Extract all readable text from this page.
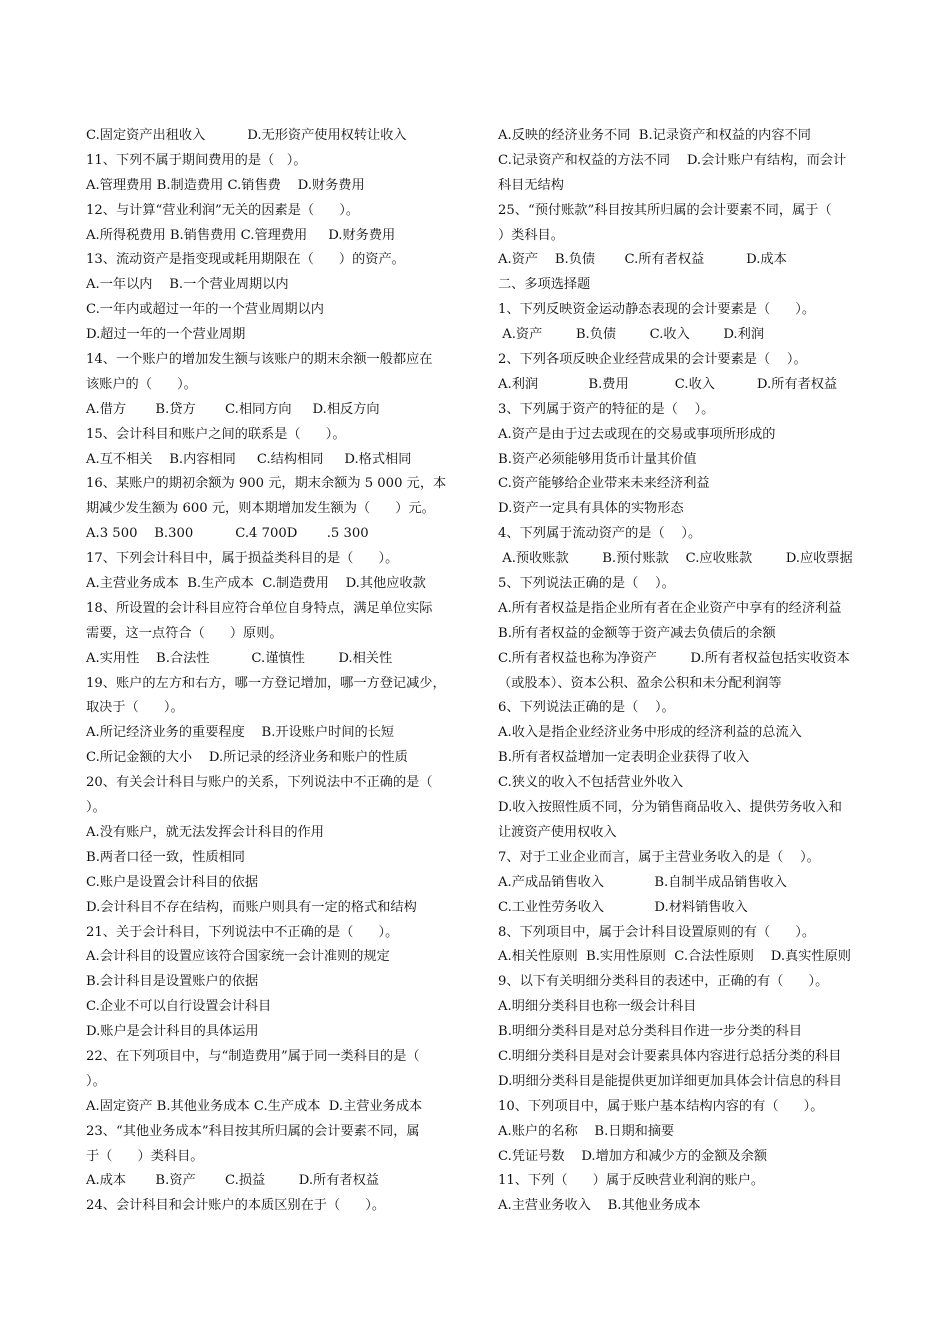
C.固定资产出租收入          D.无形资产使用权转让收入
11、下列不属于期间费用的是（   ）。
A.管理费用 B.制造费用 C.销售费    D.财务费用
12、与计算“营业利润”无关的因素是（      ）。
A.所得税费用 B.销售费用 C.管理费用     D.财务费用
13、流动资产是指变现或耗用期限在（      ）的资产。
A.一年以内    B.一个营业周期以内
C.一年内或超过一年的一个营业周期以内
D.超过一年的一个营业周期
14、一个账户的增加发生额与该账户的期末余额一般都应在
该账户的（      ）。
A.借方       B.贷方       C.相同方向     D.相反方向
15、会计科目和账户之间的联系是（      ）。
A.互不相关    B.内容相同     C.结构相同     D.格式相同
16、某账户的期初余额为 900 元，期末余额为 5 000 元，本
期减少发生额为 600 元，则本期增加发生额为（      ）元。
A.3 500    B.300          C.4 700D       .5 300
17、下列会计科目中，属于损益类科目的是（      ）。
A.主营业务成本  B.生产成本  C.制造费用    D.其他应收款
18、所设置的会计科目应符合单位自身特点，满足单位实际
需要，这一点符合（      ）原则。
A.实用性    B.合法性          C.谨慎性        D.相关性
19、账户的左方和右方，哪一方登记增加，哪一方登记减少，
取决于（      ）。
A.所记经济业务的重要程度    B.开设账户时间的长短
C.所记金额的大小    D.所记录的经济业务和账户的性质
20、有关会计科目与账户的关系，下列说法中不正确的是（
）。
A.没有账户，就无法发挥会计科目的作用
B.两者口径一致，性质相同
C.账户是设置会计科目的依据
D.会计科目不存在结构，而账户则具有一定的格式和结构
21、关于会计科目，下列说法中不正确的是（      ）。
A.会计科目的设置应该符合国家统一会计准则的规定
B.会计科目是设置账户的依据
C.企业不可以自行设置会计科目
D.账户是会计科目的具体运用
22、在下列项目中，与“制造费用”属于同一类科目的是（
）。
A.固定资产 B.其他业务成本 C.生产成本  D.主营业务成本
23、“其他业务成本”科目按其所归属的会计要素不同，属
于（      ）类科目。
A.成本       B.资产       C.损益        D.所有者权益
24、会计科目和会计账户的本质区别在于（      ）。
A.反映的经济业务不同  B.记录资产和权益的内容不同
C.记录资产和权益的方法不同    D.会计账户有结构，而会计
科目无结构
25、“预付账款”科目按其所归属的会计要素不同，属于（
）类科目。
A.资产    B.负债       C.所有者权益          D.成本
二、多项选择题
1、下列反映资金运动静态表现的会计要素是（      ）。
A.资产        B.负债        C.收入        D.利润
2、下列各项反映企业经营成果的会计要素是（    ）。
A.利润            B.费用           C.收入          D.所有者权益
3、下列属于资产的特征的是（    ）。
A.资产是由于过去或现在的交易或事项所形成的
B.资产必须能够用货币计量其价值
C.资产能够给企业带来未来经济利益
D.资产一定具有具体的实物形态
4、下列属于流动资产的是（    ）。
A.预收账款        B.预付账款    C.应收账款        D.应收票据
5、下列说法正确的是（    ）。
A.所有者权益是指企业所有者在企业资产中享有的经济利益
B.所有者权益的金额等于资产减去负债后的余额
C.所有者权益也称为净资产        D.所有者权益包括实收资本
（或股本）、资本公积、盈余公积和未分配利润等
6、下列说法正确的是（    ）。
A.收入是指企业经济业务中形成的经济利益的总流入
B.所有者权益增加一定表明企业获得了收入
C.狭义的收入不包括营业外收入
D.收入按照性质不同，分为销售商品收入、提供劳务收入和
让渡资产使用权收入
7、对于工业企业而言，属于主营业务收入的是（    ）。
A.产成品销售收入            B.自制半成品销售收入
C.工业性劳务收入            D.材料销售收入
8、下列项目中，属于会计科目设置原则的有（      ）。
A.相关性原则  B.实用性原则  C.合法性原则    D.真实性原则
9、以下有关明细分类科目的表述中，正确的有（      ）。
A.明细分类科目也称一级会计科目
B.明细分类科目是对总分类科目作进一步分类的科目
C.明细分类科目是对会计要素具体内容进行总括分类的科目
D.明细分类科目是能提供更加详细更加具体会计信息的科目
10、下列项目中，属于账户基本结构内容的有（      ）。
A.账户的名称    B.日期和摘要
C.凭证号数    D.增加方和减少方的金额及余额
11、下列（      ）属于反映营业利润的账户。
A.主营业务收入    B.其他业务成本
